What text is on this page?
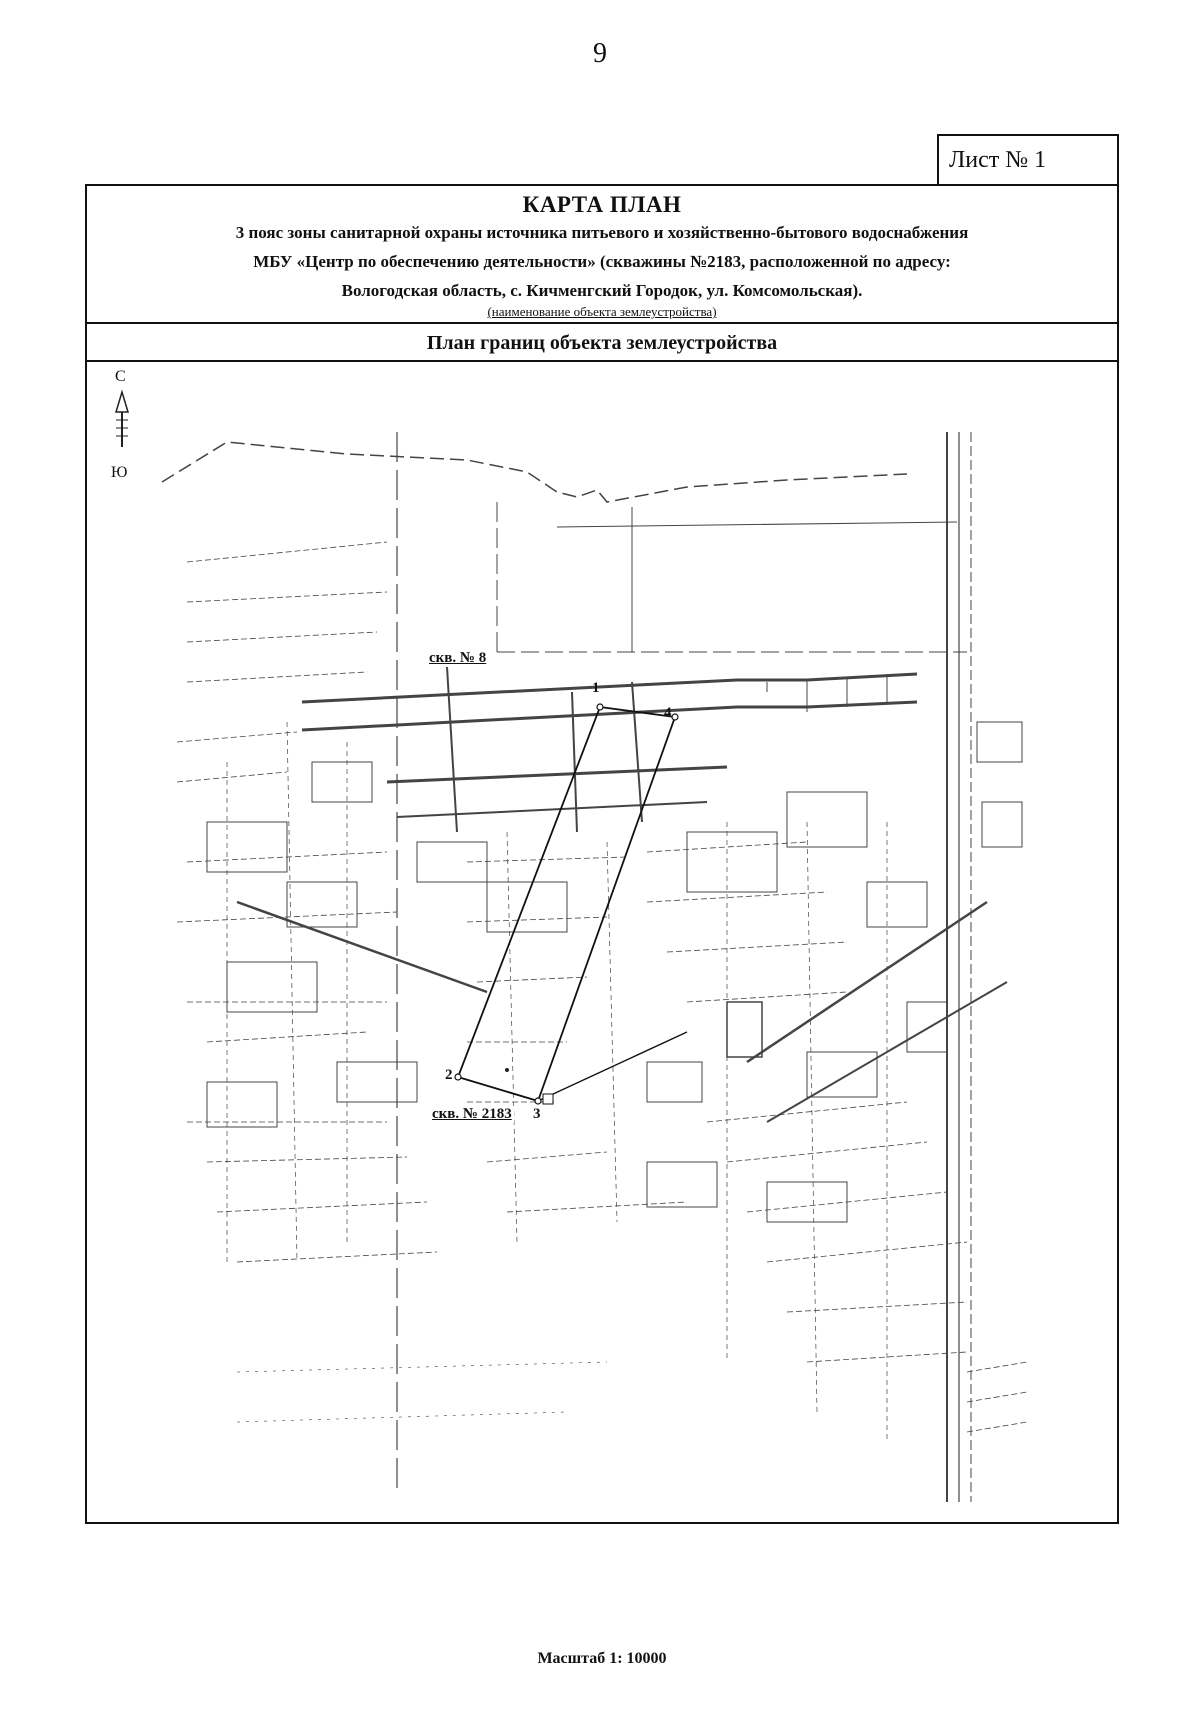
9
Лист № 1
КАРТА ПЛАН
3 пояс зоны санитарной охраны источника питьевого и хозяйственно-бытового водоснабжения
МБУ «Центр по обеспечению деятельности» (скважины №2183, расположенной по адресу:
Вологодская область, с. Кичменгский Городок, ул. Комсомольская).
(наименование объекта землеустройства)
План границ объекта землеустройства
С
Ю
скв. № 8
скв. № 2183
1
2
3
4
Масштаб 1: 10000
